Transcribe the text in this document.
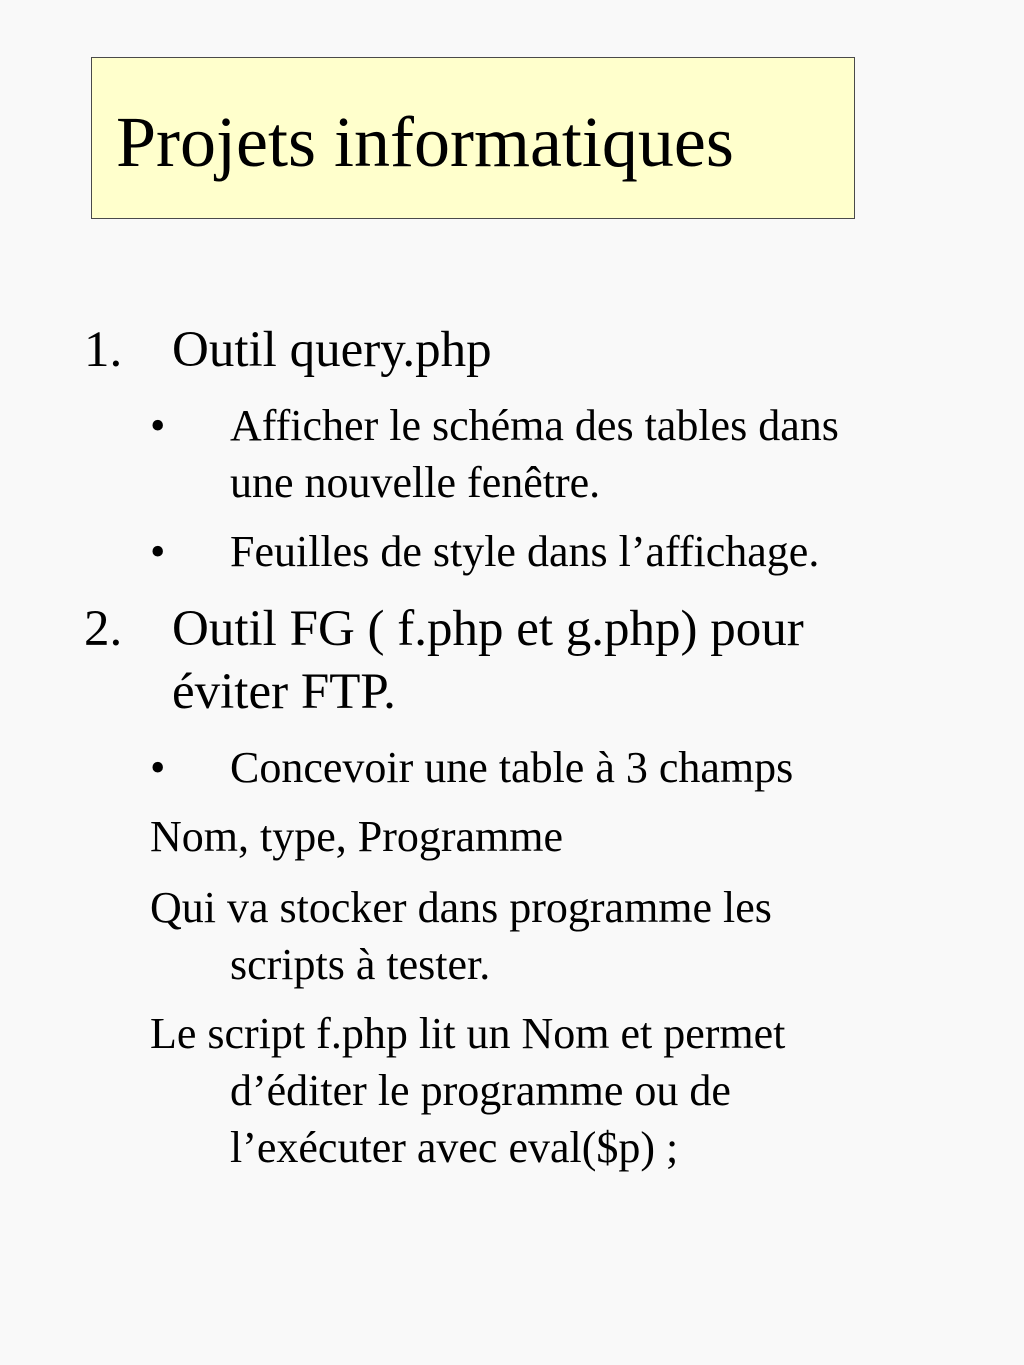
Projets informatiques
1. Outil query.php
• Afficher le schéma des tables dans
une nouvelle fenêtre.
• Feuilles de style dans l’affichage.
2. Outil FG ( f.php et g.php) pour
éviter FTP.
• Concevoir une table à 3 champs
Nom, type, Programme
Qui va stocker dans programme les
scripts à tester.
Le script f.php lit un Nom et permet
d’éditer le programme ou de
l’exécuter avec eval($p) ;
